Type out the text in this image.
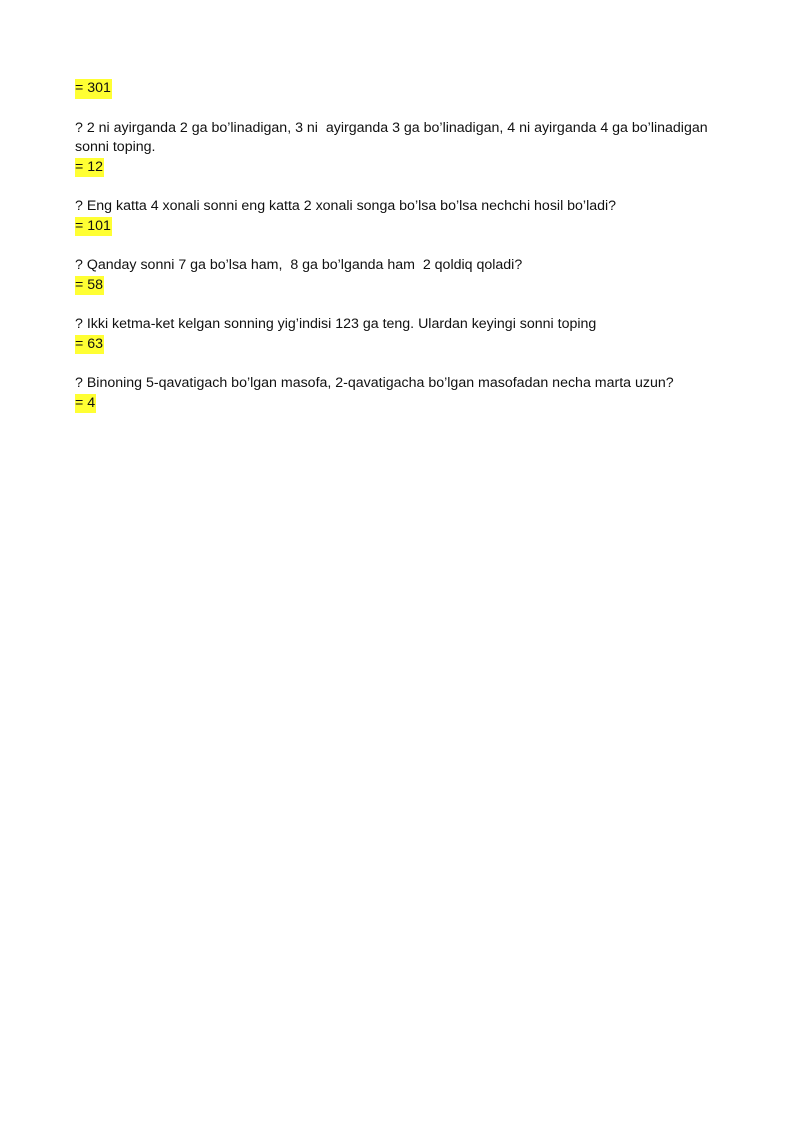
= 301

? 2 ni ayirganda 2 ga bo’linadigan, 3 ni  ayirganda 3 ga bo’linadigan, 4 ni ayirganda 4 ga bo’linadigan sonni toping.

= 12

? Eng katta 4 xonali sonni eng katta 2 xonali songa bo’lsa bo’lsa nechchi hosil bo’ladi?

= 101

? Qanday sonni 7 ga bo’lsa ham,  8 ga bo’lganda ham  2 qoldiq qoladi?

= 58

? Ikki ketma-ket kelgan sonning yig’indisi 123 ga teng. Ulardan keyingi sonni toping

= 63

? Binoning 5-qavatigach bo’lgan masofa, 2-qavatigacha bo’lgan masofadan necha marta uzun?

= 4
